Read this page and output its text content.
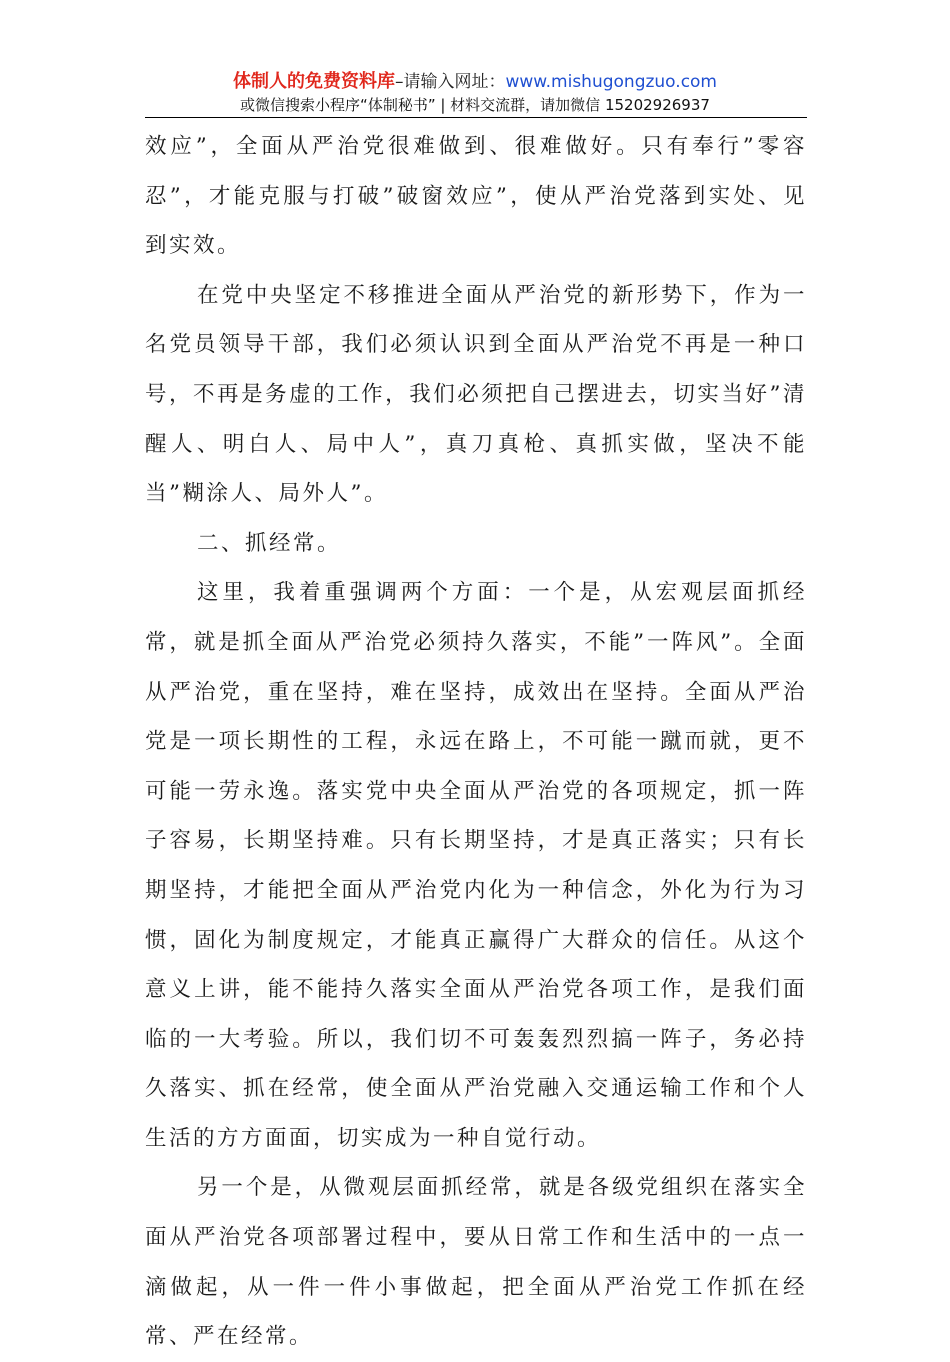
体制人的免费资料库–请输入网址：www.mishugongzuo.com
或微信搜索小程序“体制秘书” | 材料交流群，请加微信 15202926937

效应”，全面从严治党很难做到、很难做好。只有奉行”零容忍”，才能克服与打破”破窗效应”，使从严治党落到实处、见到实效。

在党中央坚定不移推进全面从严治党的新形势下，作为一名党员领导干部，我们必须认识到全面从严治党不再是一种口号，不再是务虚的工作，我们必须把自己摆进去，切实当好”清醒人、明白人、局中人”，真刀真枪、真抓实做，坚决不能当”糊涂人、局外人”。

二、抓经常。

这里，我着重强调两个方面：一个是，从宏观层面抓经常，就是抓全面从严治党必须持久落实，不能”一阵风”。全面从严治党，重在坚持，难在坚持，成效出在坚持。全面从严治党是一项长期性的工程，永远在路上，不可能一蹴而就，更不可能一劳永逸。落实党中央全面从严治党的各项规定，抓一阵子容易，长期坚持难。只有长期坚持，才是真正落实；只有长期坚持，才能把全面从严治党内化为一种信念，外化为行为习惯，固化为制度规定，才能真正赢得广大群众的信任。从这个意义上讲，能不能持久落实全面从严治党各项工作，是我们面临的一大考验。所以，我们切不可轰轰烈烈搞一阵子，务必持久落实、抓在经常，使全面从严治党融入交通运输工作和个人生活的方方面面，切实成为一种自觉行动。

另一个是，从微观层面抓经常，就是各级党组织在落实全面从严治党各项部署过程中，要从日常工作和生活中的一点一滴做起，从一件一件小事做起，把全面从严治党工作抓在经常、严在经常。
